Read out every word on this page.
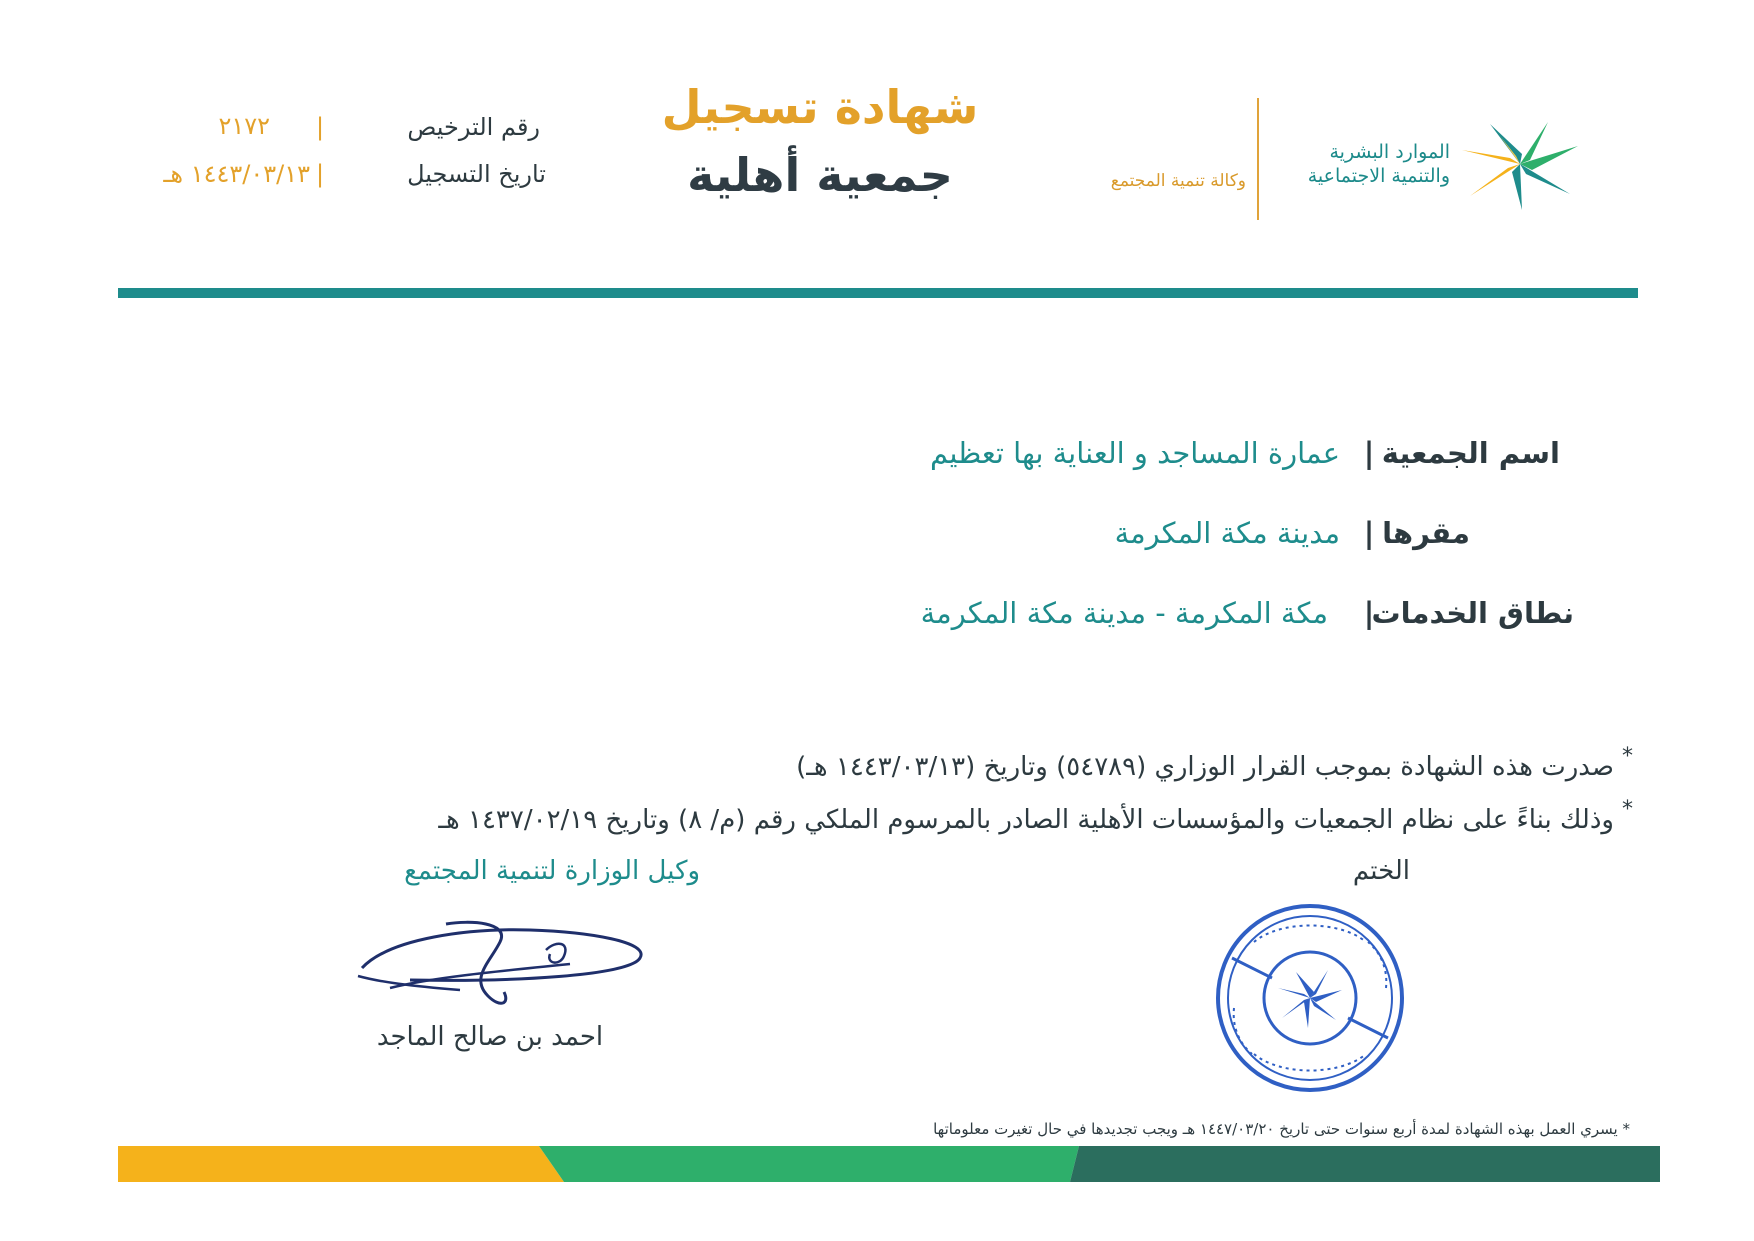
الموارد البشرية
والتنمية الاجتماعية
وكالة تنمية المجتمع
شهادة تسجيل
جمعية أهلية
رقم الترخيص
|
٢١٧٢
تاريخ التسجيل
|
١٤٤٣/٠٣/١٣ هـ
اسم الجمعية
|
عمارة المساجد و العناية بها تعظيم
مقرها
|
مدينة مكة المكرمة
نطاق الخدمات
|
مكة المكرمة - مدينة مكة المكرمة
*
صدرت هذه الشهادة بموجب القرار الوزاري (٥٤٧٨٩) وتاريخ (١٤٤٣/٠٣/١٣ هـ)
*
وذلك بناءً على نظام الجمعيات والمؤسسات الأهلية الصادر بالمرسوم الملكي رقم (م/ ٨) وتاريخ ١٤٣٧/٠٢/١٩ هـ
الختم
وكيل الوزارة لتنمية المجتمع
احمد بن صالح الماجد
* يسري العمل بهذه الشهادة لمدة أربع سنوات حتى تاريخ ١٤٤٧/٠٣/٢٠ هـ ويجب تجديدها في حال تغيرت معلوماتها
